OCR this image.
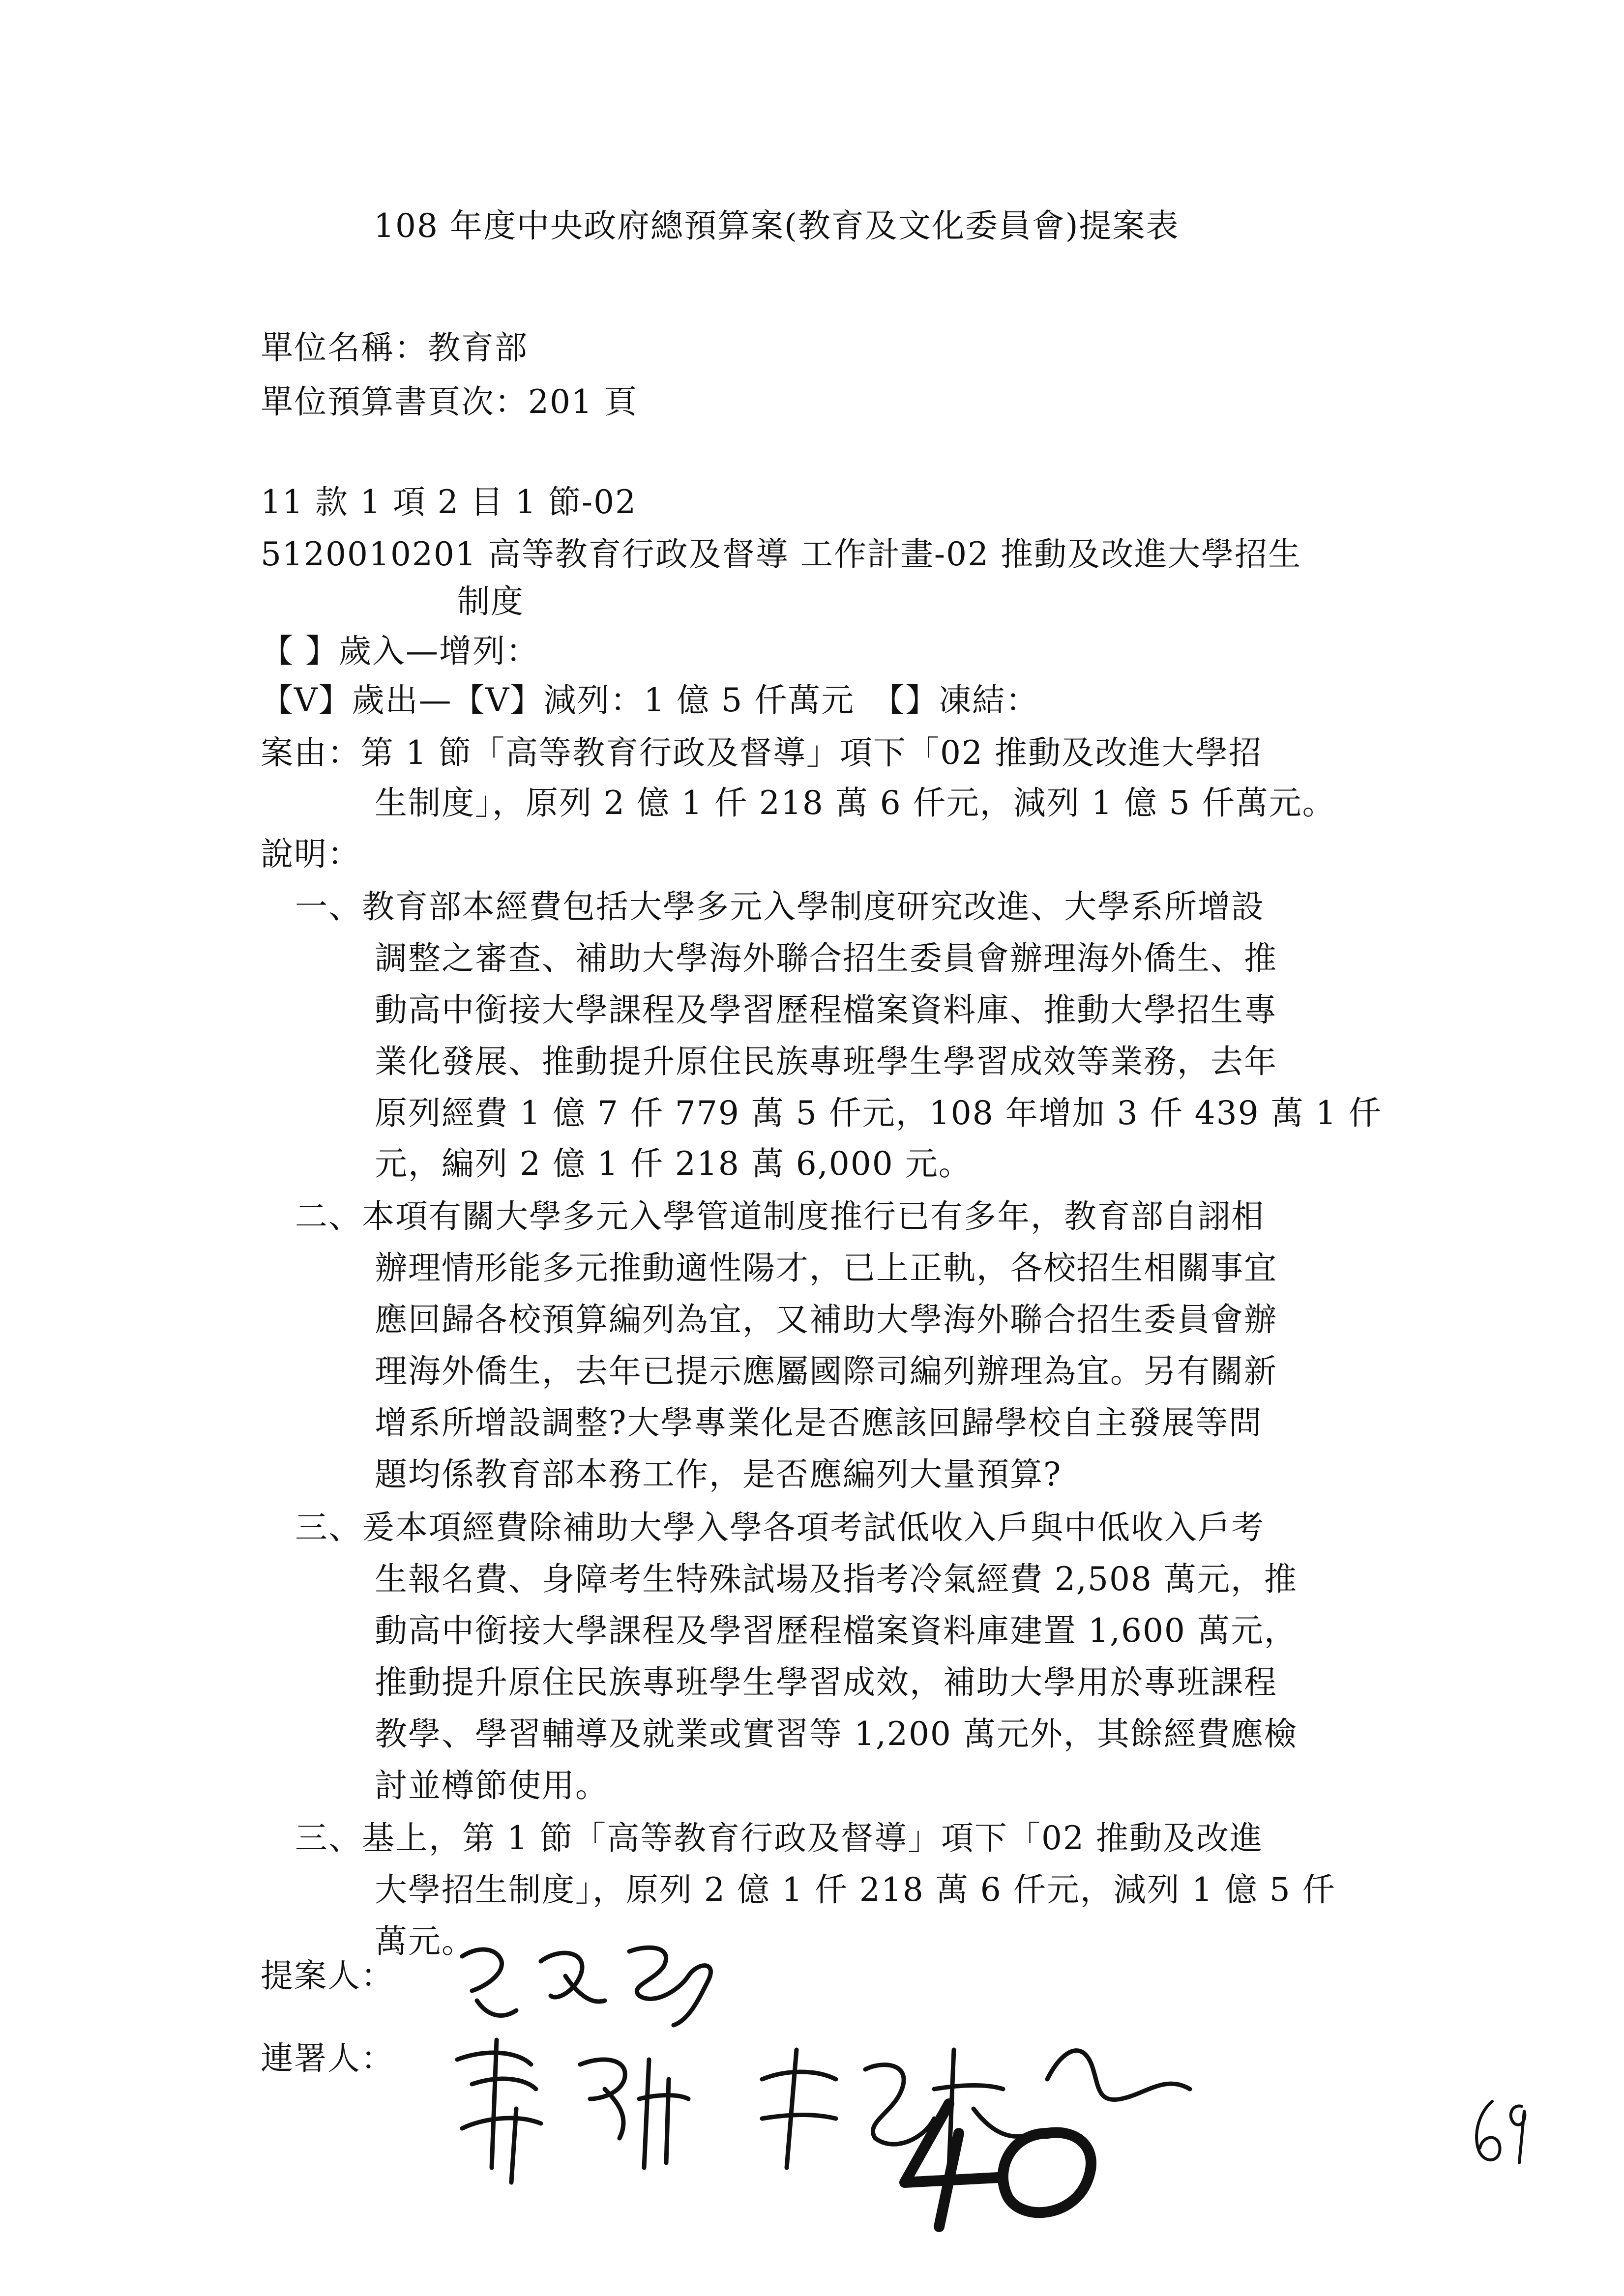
108 年度中央政府總預算案(教育及文化委員會)提案表
單位名稱：教育部
單位預算書頁次：201 頁
11 款 1 項 2 目 1 節-02
5120010201 高等教育行政及督導 工作計畫-02 推動及改進大學招生
制度
【 】歲入—增列：
【V】歲出—【V】減列：1 億 5 仟萬元　【】凍結：
案由：第 1 節「高等教育行政及督導」項下「02 推動及改進大學招
生制度」，原列 2 億 1 仟 218 萬 6 仟元，減列 1 億 5 仟萬元。
說明：
一、教育部本經費包括大學多元入學制度研究改進、大學系所增設
調整之審查、補助大學海外聯合招生委員會辦理海外僑生、推
動高中銜接大學課程及學習歷程檔案資料庫、推動大學招生專
業化發展、推動提升原住民族專班學生學習成效等業務，去年
原列經費 1 億 7 仟 779 萬 5 仟元，108 年增加 3 仟 439 萬 1 仟
元，編列 2 億 1 仟 218 萬 6,000 元。
二、本項有關大學多元入學管道制度推行已有多年，教育部自詡相
辦理情形能多元推動適性陽才，已上正軌，各校招生相關事宜
應回歸各校預算編列為宜，又補助大學海外聯合招生委員會辦
理海外僑生，去年已提示應屬國際司編列辦理為宜。另有關新
增系所增設調整?大學專業化是否應該回歸學校自主發展等問
題均係教育部本務工作，是否應編列大量預算?
三、爰本項經費除補助大學入學各項考試低收入戶與中低收入戶考
生報名費、身障考生特殊試場及指考冷氣經費 2,508 萬元，推
動高中銜接大學課程及學習歷程檔案資料庫建置 1,600 萬元，
推動提升原住民族專班學生學習成效，補助大學用於專班課程
教學、學習輔導及就業或實習等 1,200 萬元外，其餘經費應檢
討並樽節使用。
三、基上，第 1 節「高等教育行政及督導」項下「02 推動及改進
大學招生制度」，原列 2 億 1 仟 218 萬 6 仟元，減列 1 億 5 仟
萬元。
提案人：
連署人：
